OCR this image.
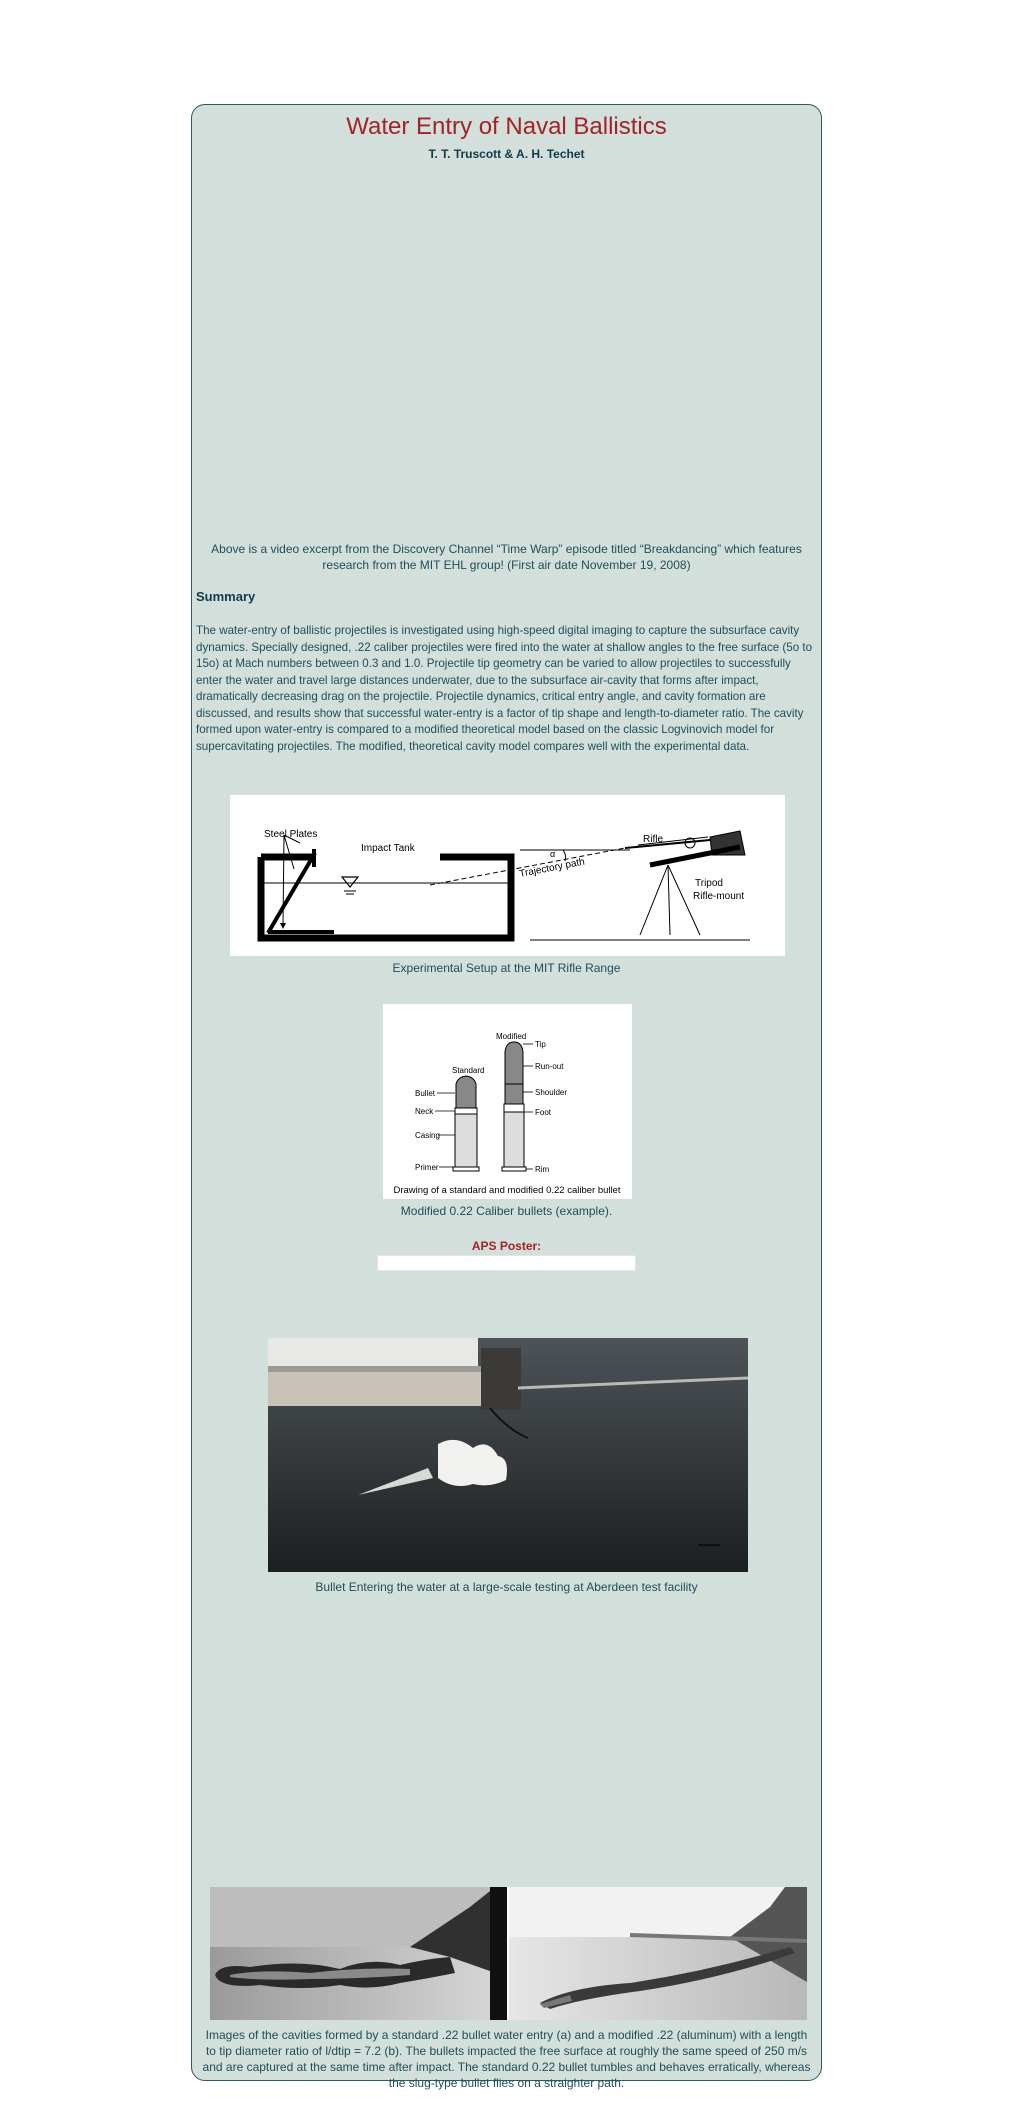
Water Entry of Naval Ballistics
T. T. Truscott & A. H. Techet
Above is a video excerpt from the Discovery Channel “Time Warp” episode titled “Breakdancing” which features research from the MIT EHL group! (First air date November 19, 2008)
Summary
The water-entry of ballistic projectiles is investigated using high-speed digital imaging to capture the subsurface cavity dynamics. Specially designed, .22 caliber projectiles were fired into the water at shallow angles to the free surface (5o to 15o) at Mach numbers between 0.3 and 1.0. Projectile tip geometry can be varied to allow projectiles to successfully enter the water and travel large distances underwater, due to the subsurface air-cavity that forms after impact, dramatically decreasing drag on the projectile. Projectile dynamics, critical entry angle, and cavity formation are discussed, and results show that successful water-entry is a factor of tip shape and length-to-diameter ratio. The cavity formed upon water-entry is compared to a modified theoretical model based on the classic Logvinovich model for supercavitating projectiles. The modified, theoretical cavity model compares well with the experimental data.
Steel Plates
Impact Tank	α
Trajectory path
Rifle
Tripod
Rifle-mount
Experimental Setup at the MIT Rifle Range
Standard
Modified
Bullet
Neck
Casing
Primer
Tip
Run-out
Shoulder
Foot
Rim
Drawing of a standard and modified 0.22 caliber bullet
Modified 0.22 Caliber bullets (example).
APS Poster:
Bullet Entering the water at a large-scale testing at Aberdeen test facility
Images of the cavities formed by a standard .22 bullet water entry (a) and a modified .22 (aluminum) with a length to tip diameter ratio of l/dtip = 7.2 (b). The bullets impacted the free surface at roughly the same speed of 250 m/s and are captured at the same time after impact. The standard 0.22 bullet tumbles and behaves erratically, whereas the slug-type bullet flies on a straighter path.
